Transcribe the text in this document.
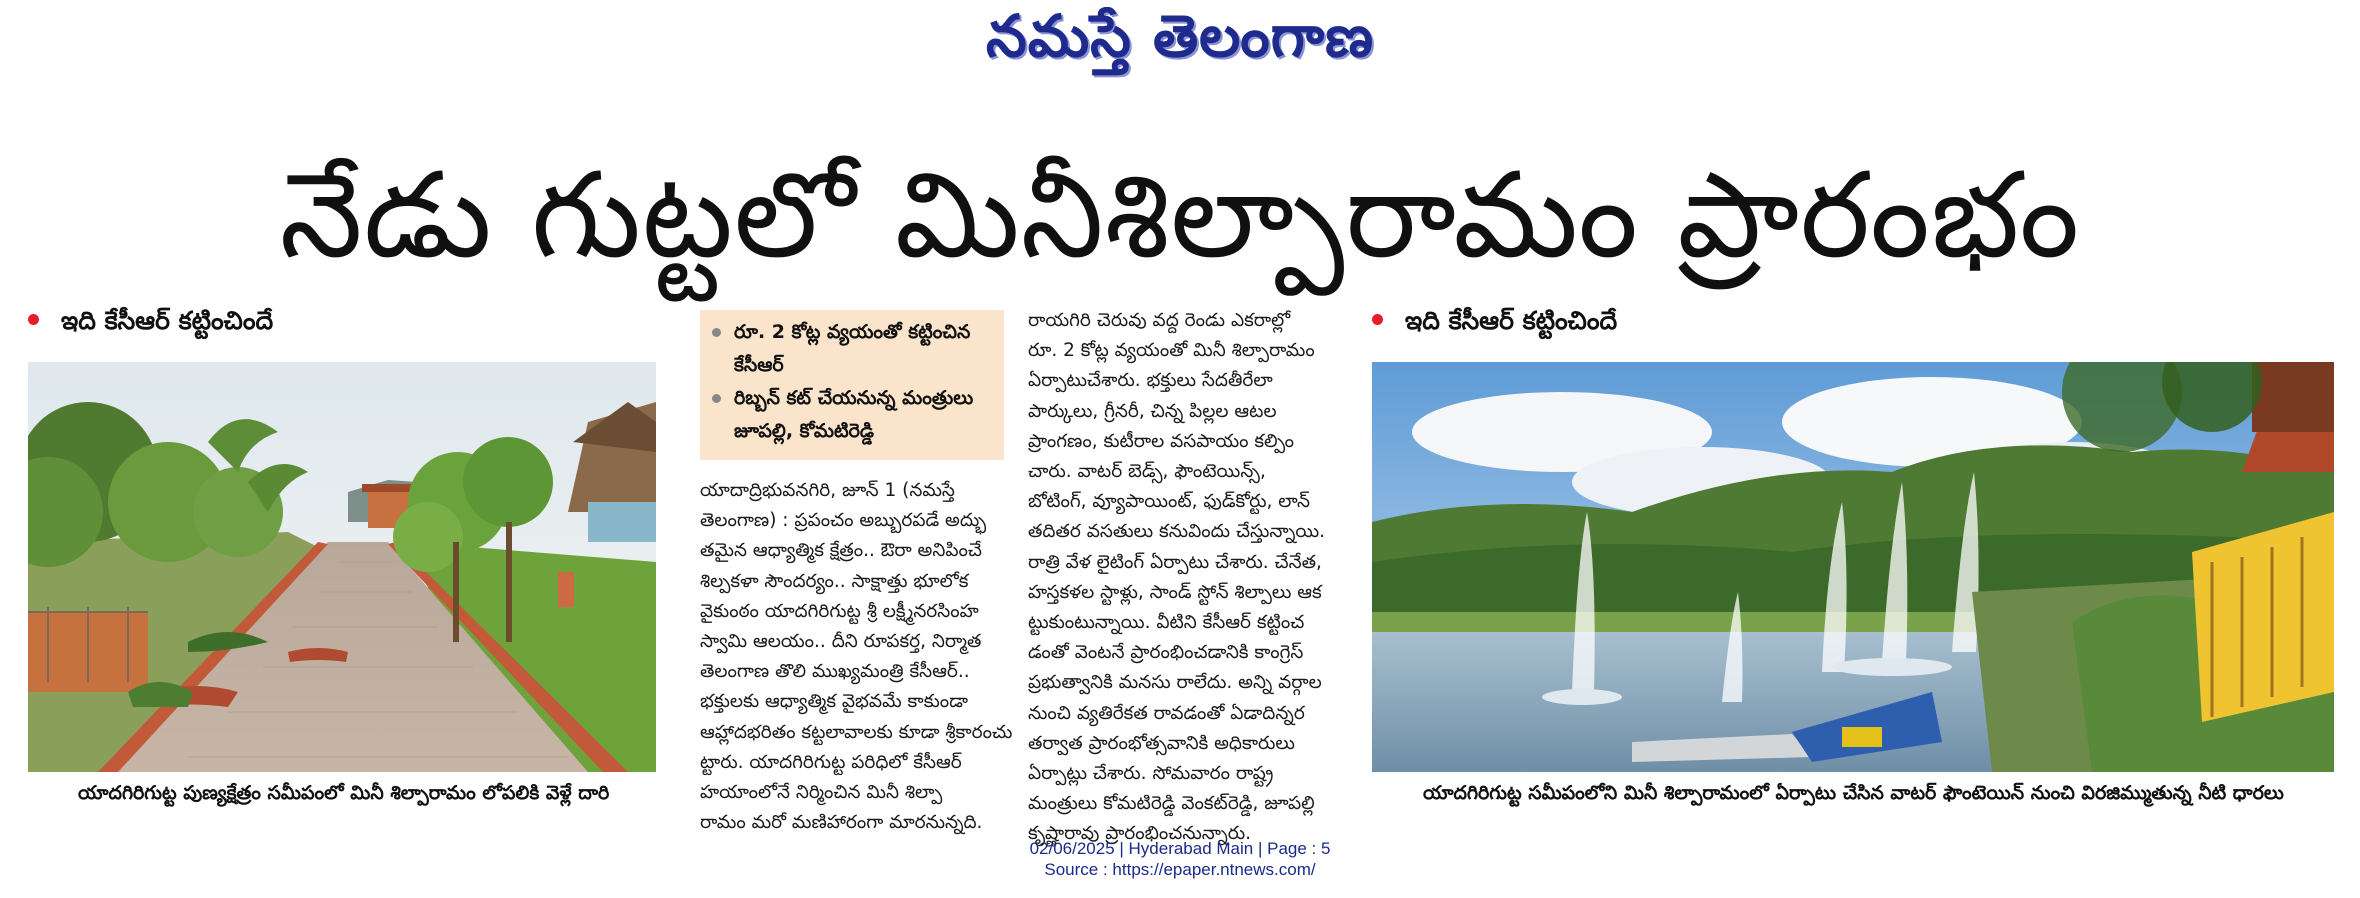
నమస్తే తెలంగాణ
నేడు గుట్టలో మినీశిల్పారామం ప్రారంభం
ఇది కేసీఆర్ కట్టించిందే	ఇది కేసీఆర్ కట్టించిందే
యాదగిరిగుట్ట పుణ్యక్షేత్రం సమీపంలో మినీ శిల్పారామం లోపలికి వెళ్లే దారి	యాదగిరిగుట్ట సమీపంలోని మినీ శిల్పారామంలో ఏర్పాటు చేసిన వాటర్ ఫౌంటెయిన్ నుంచి విరజిమ్ముతున్న నీటి ధారలు
రూ. 2 కోట్ల వ్యయంతో కట్టించిన కేసీఆర్
రిబ్బన్ కట్ చేయనున్న మంత్రులు జూపల్లి, కోమటిరెడ్డి
యాదాద్రిభువనగిరి, జూన్ 1 (నమస్తే
తెలంగాణ) : ప్రపంచం అబ్బురపడే అద్భు
తమైన ఆధ్యాత్మిక క్షేత్రం.. ఔరా అనిపించే
శిల్పకళా సౌందర్యం.. సాక్షాత్తు భూలోక
వైకుంఠం యాదగిరిగుట్ట శ్రీ లక్ష్మీనరసింహ
స్వామి ఆలయం.. దీని రూపకర్త, నిర్మాత
తెలంగాణ తొలి ముఖ్యమంత్రి కేసీఆర్..
భక్తులకు ఆధ్యాత్మిక వైభవమే కాకుండా
ఆహ్లాదభరితం కట్టలావాలకు కూడా శ్రీకారంచు
ట్టారు. యాదగిరిగుట్ట పరిధిలో కేసీఆర్
హయాంలోనే నిర్మించిన మినీ శిల్పా
రామం మరో మణిహారంగా మారనున్నది.
రాయగిరి చెరువు వద్ద రెండు ఎకరాల్లో
రూ. 2 కోట్ల వ్యయంతో మినీ శిల్పారామం
ఏర్పాటుచేశారు. భక్తులు సేదతీరేలా
పార్కులు, గ్రీనరీ, చిన్న పిల్లల ఆటల
ప్రాంగణం, కుటీరాల వసపాయం కల్పిం
చారు. వాటర్ బెడ్స్, ఫౌంటెయిన్స్,
బోటింగ్, వ్యూపాయింట్, ఫుడ్‌కోర్టు, లాన్
తదితర వసతులు కనువిందు చేస్తున్నాయి.
రాత్రి వేళ లైటింగ్ ఏర్పాటు చేశారు. చేనేత,
హస్తకళల స్టాళ్లు, సాండ్ స్టోన్ శిల్పాలు ఆక
ట్టుకుంటున్నాయి. వీటిని కేసీఆర్ కట్టించ
డంతో వెంటనే ప్రారంభించడానికి కాంగ్రెస్
ప్రభుత్వానికి మనసు రాలేదు. అన్ని వర్గాల
నుంచి వ్యతిరేకత రావడంతో ఏడాదిన్నర
తర్వాత ప్రారంభోత్సవానికి అధికారులు
ఏర్పాట్లు చేశారు. సోమవారం రాష్ట్ర
మంత్రులు కోమటిరెడ్డి వెంకట్‌రెడ్డి, జూపల్లి
కృష్ణారావు ప్రారంభించనున్నారు.
02/06/2025 | Hyderabad Main | Page : 5
Source : https://epaper.ntnews.com/
